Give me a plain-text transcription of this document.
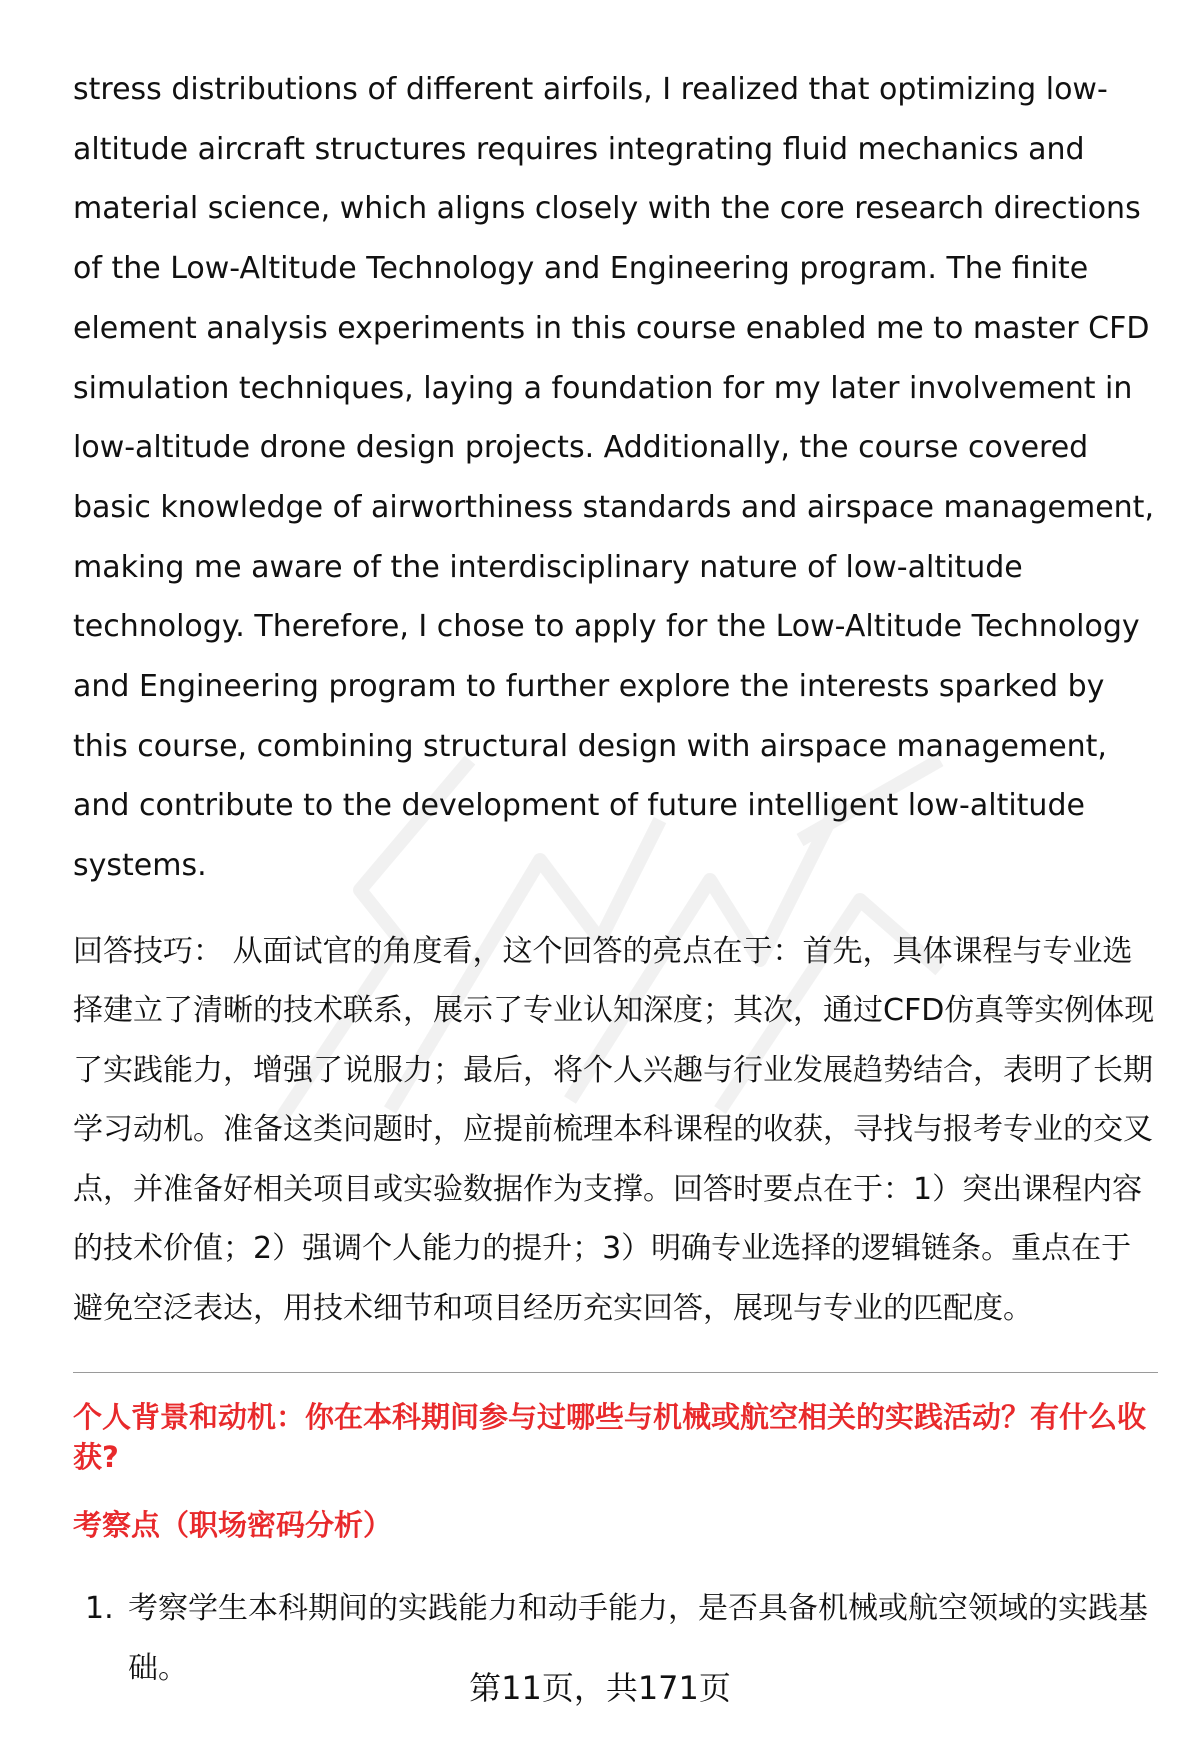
stress distributions of different airfoils, I realized that optimizing low-altitude aircraft structures requires integrating fluid mechanics and material science, which aligns closely with the core research directions of the Low-Altitude Technology and Engineering program. The finite element analysis experiments in this course enabled me to master CFD simulation techniques, laying a foundation for my later involvement in low-altitude drone design projects. Additionally, the course covered basic knowledge of airworthiness standards and airspace management, making me aware of the interdisciplinary nature of low-altitude technology. Therefore, I chose to apply for the Low-Altitude Technology and Engineering program to further explore the interests sparked by this course, combining structural design with airspace management, and contribute to the development of future intelligent low-altitude systems.

回答技巧： 从面试官的角度看，这个回答的亮点在于：首先，具体课程与专业选择建立了清晰的技术联系，展示了专业认知深度；其次，通过CFD仿真等实例体现了实践能力，增强了说服力；最后，将个人兴趣与行业发展趋势结合，表明了长期学习动机。准备这类问题时，应提前梳理本科课程的收获，寻找与报考专业的交叉点，并准备好相关项目或实验数据作为支撑。回答时要点在于：1）突出课程内容的技术价值；2）强调个人能力的提升；3）明确专业选择的逻辑链条。重点在于避免空泛表达，用技术细节和项目经历充实回答，展现与专业的匹配度。

个人背景和动机：你在本科期间参与过哪些与机械或航空相关的实践活动？有什么收获?
考察点（职场密码分析）
1. 考察学生本科期间的实践能力和动手能力，是否具备机械或航空领域的实践基础。
第11页，共171页
